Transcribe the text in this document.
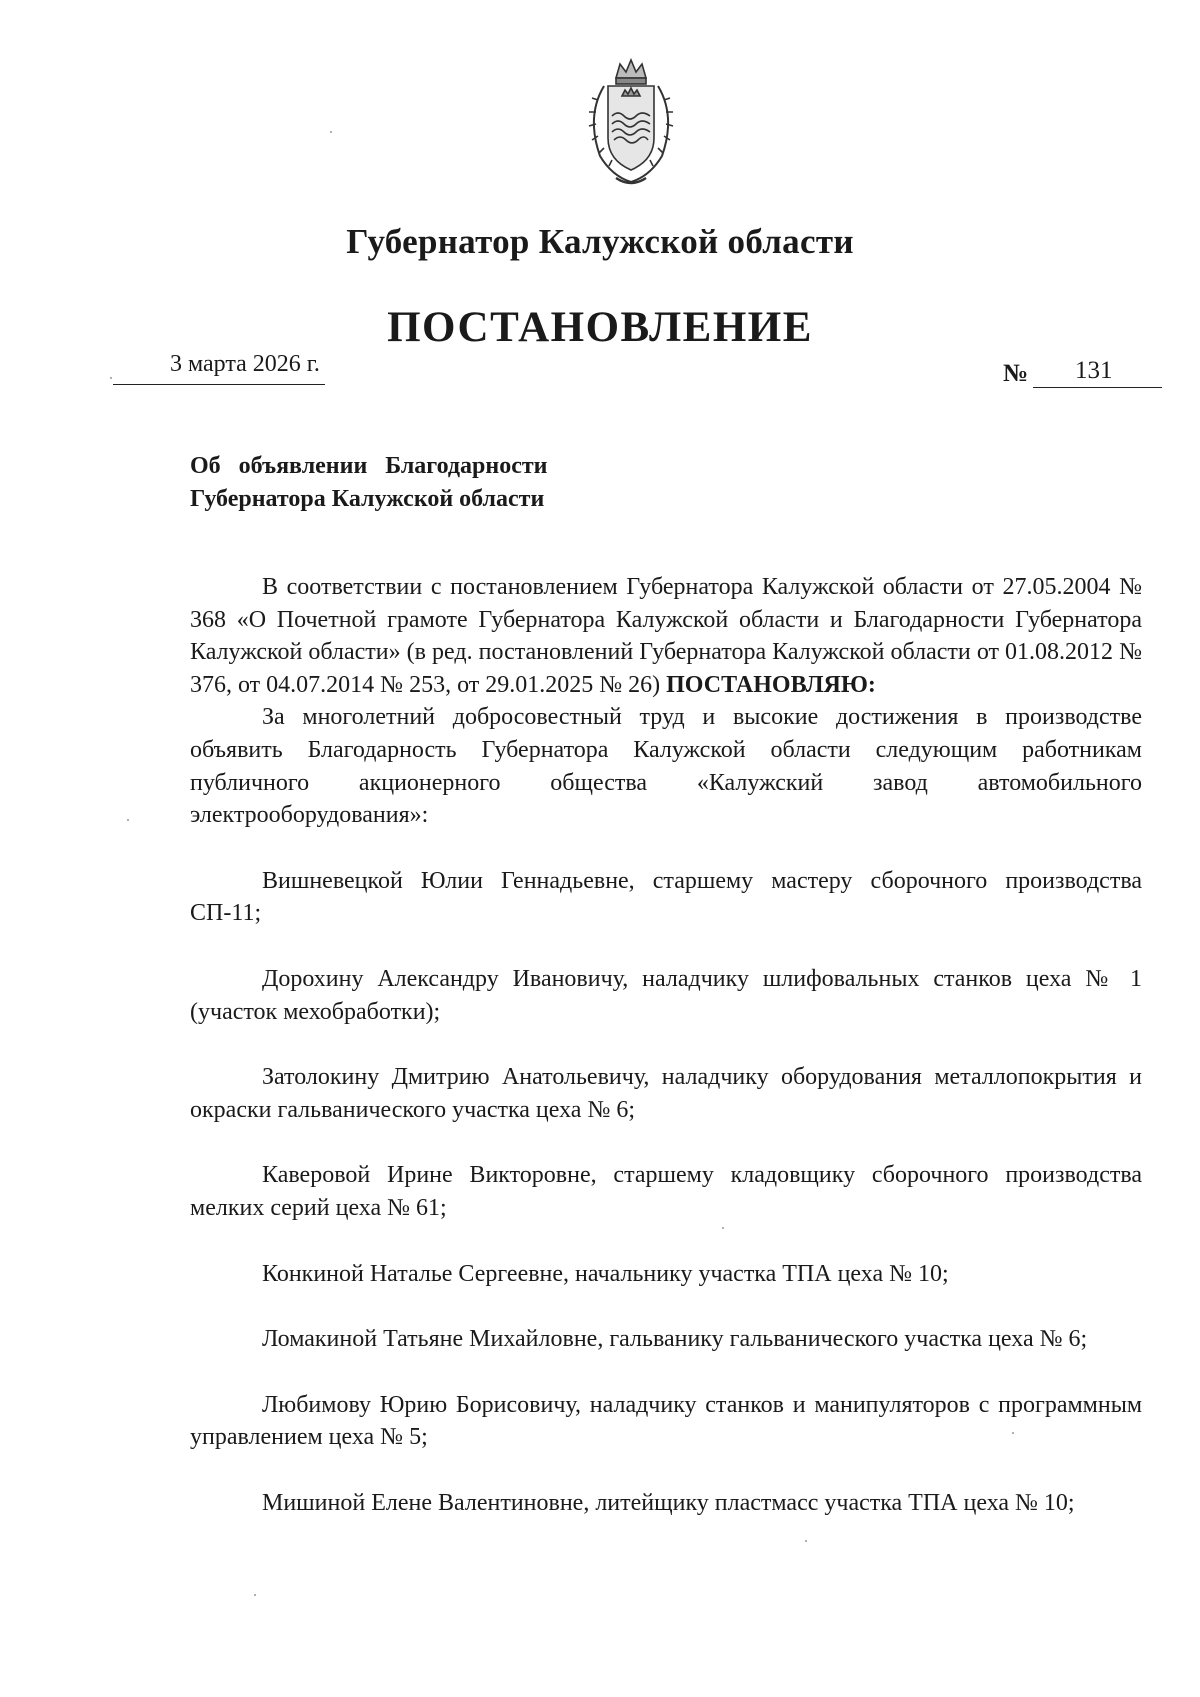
Губернатор Калужской области
ПОСТАНОВЛЕНИЕ
3 марта 2026 г.	№ 131
Об объявлении Благодарности
Губернатора Калужской области

В соответствии с постановлением Губернатора Калужской области от 27.05.2004 № 368 «О Почетной грамоте Губернатора Калужской области и Благодарности Губернатора Калужской области» (в ред. постановлений Губернатора Калужской области от 01.08.2012 № 376, от 04.07.2014 № 253, от 29.01.2025 № 26) ПОСТАНОВЛЯЮ:

За многолетний добросовестный труд и высокие достижения в производстве объявить Благодарность Губернатора Калужской области следующим работникам публичного акционерного общества «Калужский завод автомобильного электрооборудования»:

Вишневецкой Юлии Геннадьевне, старшему мастеру сборочного производства СП-11;

Дорохину Александру Ивановичу, наладчику шлифовальных станков цеха № 1 (участок мехобработки);

Затолокину Дмитрию Анатольевичу, наладчику оборудования металлопокрытия и окраски гальванического участка цеха № 6;

Каверовой Ирине Викторовне, старшему кладовщику сборочного производства мелких серий цеха № 61;

Конкиной Наталье Сергеевне, начальнику участка ТПА цеха № 10;

Ломакиной Татьяне Михайловне, гальванику гальванического участка цеха № 6;

Любимову Юрию Борисовичу, наладчику станков и манипуляторов с программным управлением цеха № 5;

Мишиной Елене Валентиновне, литейщику пластмасс участка ТПА цеха № 10;
